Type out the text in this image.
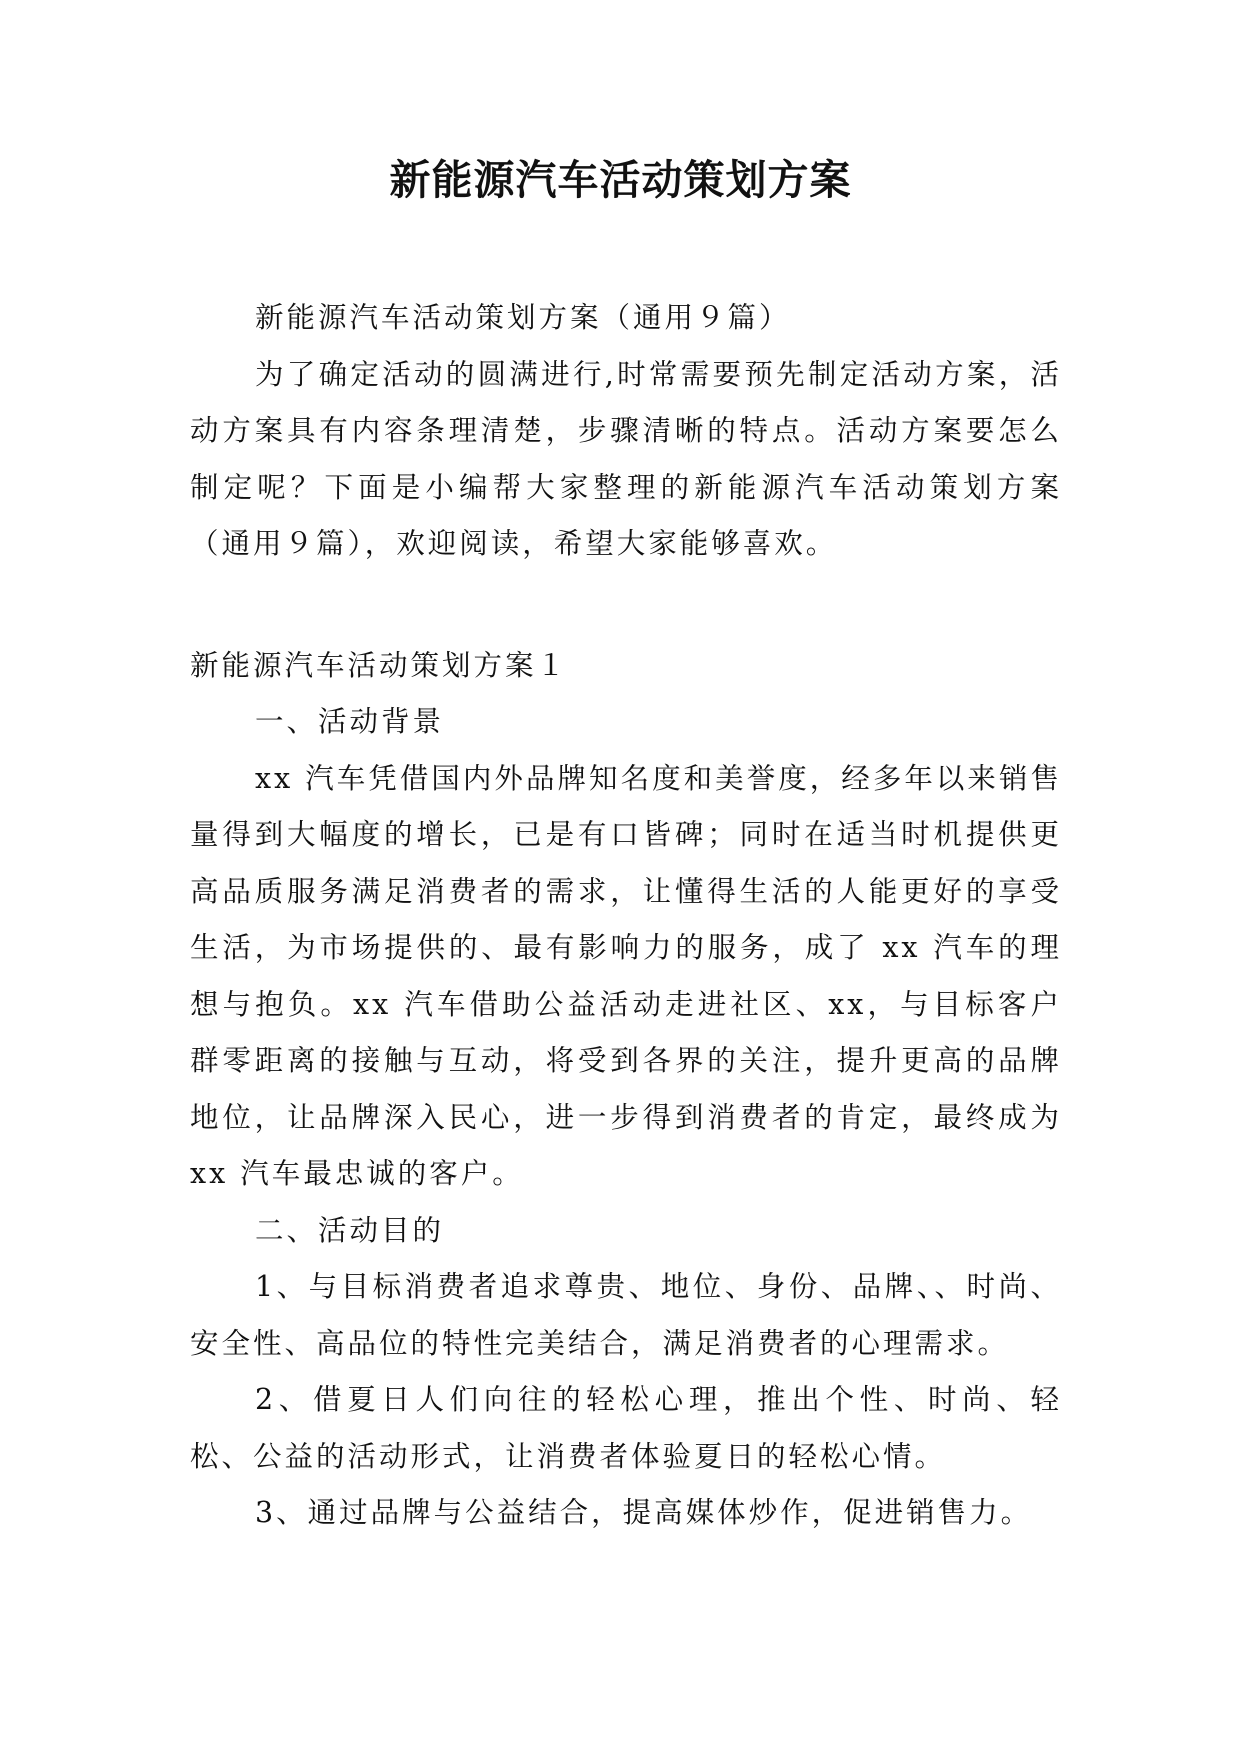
新能源汽车活动策划方案

新能源汽车活动策划方案（通用９篇）

为了确定活动的圆满进行,时常需要预先制定活动方案，活动方案具有内容条理清楚，步骤清晰的特点。活动方案要怎么制定呢？下面是小编帮大家整理的新能源汽车活动策划方案（通用９篇），欢迎阅读，希望大家能够喜欢。

新能源汽车活动策划方案１

一、活动背景

xx 汽车凭借国内外品牌知名度和美誉度，经多年以来销售量得到大幅度的增长，已是有口皆碑；同时在适当时机提供更高品质服务满足消费者的需求，让懂得生活的人能更好的享受生活，为市场提供的、最有影响力的服务，成了 xx 汽车的理想与抱负。xx 汽车借助公益活动走进社区、xx，与目标客户群零距离的接触与互动，将受到各界的关注，提升更高的品牌地位，让品牌深入民心，进一步得到消费者的肯定，最终成为 xx 汽车最忠诚的客户。

二、活动目的

1、与目标消费者追求尊贵、地位、身份、品牌、、时尚、安全性、高品位的特性完美结合，满足消费者的心理需求。

2、借夏日人们向往的轻松心理，推出个性、时尚、轻松、公益的活动形式，让消费者体验夏日的轻松心情。

3、通过品牌与公益结合，提高媒体炒作，促进销售力。
